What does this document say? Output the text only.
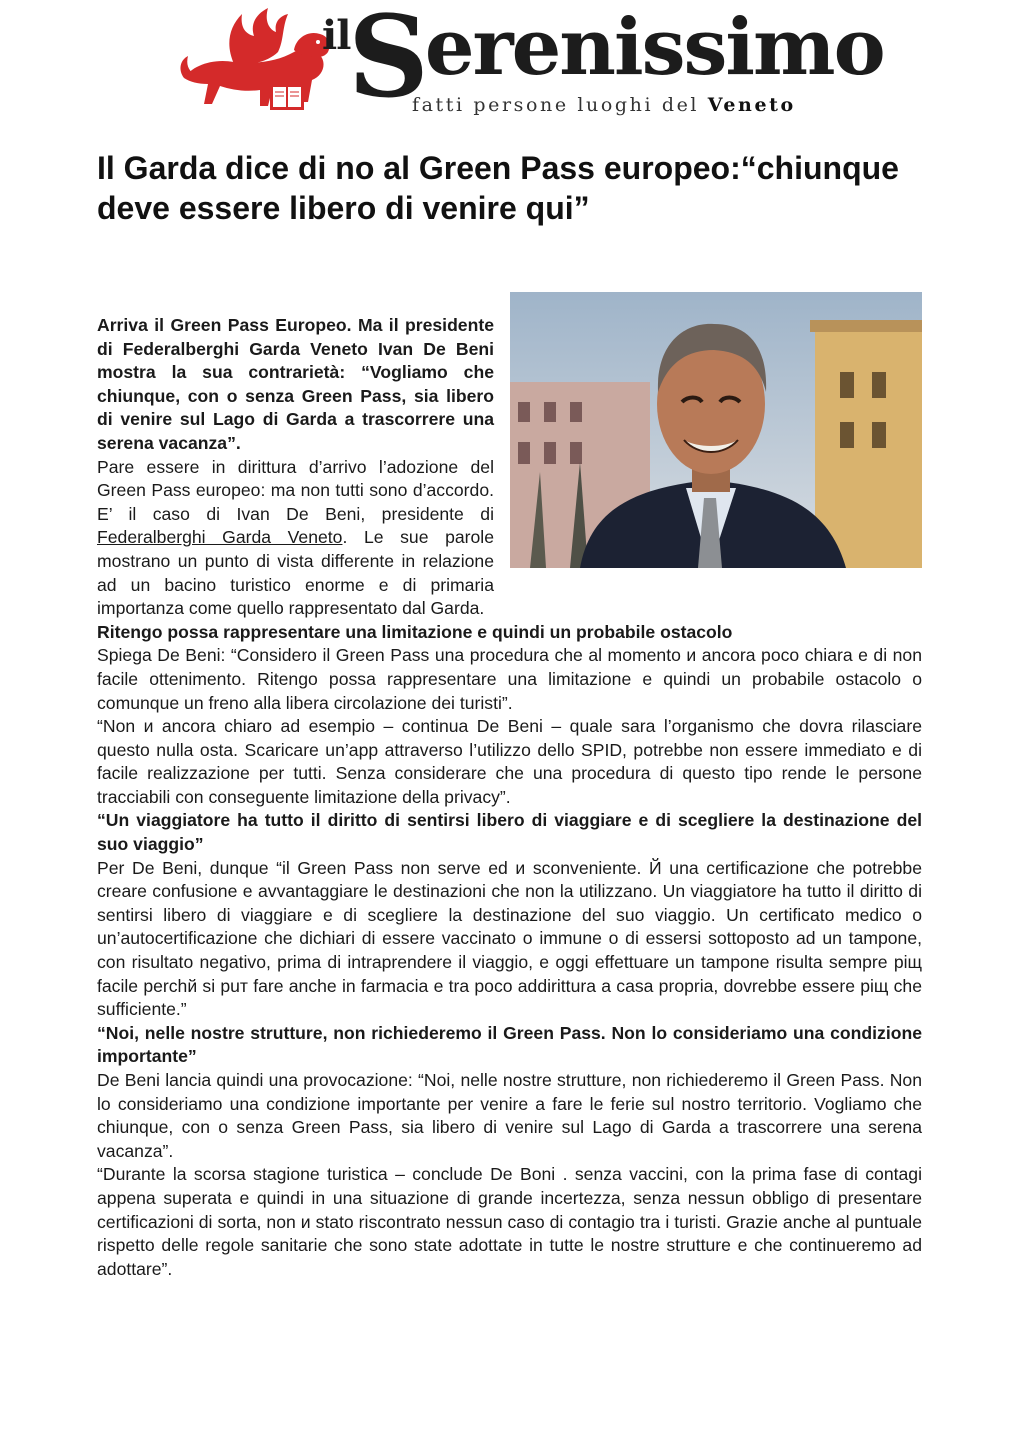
il
Serenissimo
fatti persone luoghi del Veneto
Il Garda dice di no al Green Pass europeo:“chiunque deve essere libero di venire qui”

Arriva il Green Pass Europeo. Ma il presidente di Federalberghi Garda Veneto Ivan De Beni mostra la sua contrarietà: “Vogliamo che chiunque, con o senza Green Pass, sia libero di venire sul Lago di Garda a trascorrere una serena vacanza”.

Pare essere in dirittura d’arrivo l’adozione del Green Pass europeo: ma non tutti sono d’accordo. E’ il caso di Ivan De Beni, presidente di Federalberghi Garda Veneto. Le sue parole mostrano un punto di vista differente in relazione ad un bacino turistico enorme e di primaria importanza come quello rappresentato dal Garda.

Ritengo possa rappresentare una limitazione e quindi un probabile ostacolo

Spiega De Beni: “Considero il Green Pass una procedura che al momento и ancora poco chiara e di non facile ottenimento. Ritengo possa rappresentare una limitazione e quindi un probabile ostacolo o comunque un freno alla libera circolazione dei turisti”.

“Non и ancora chiaro ad esempio – continua De Beni – quale sara l’organismo che dovra rilasciare questo nulla osta. Scaricare un’app attraverso l’utilizzo dello SPID, potrebbe non essere immediato e di facile realizzazione per tutti. Senza considerare che una procedura di questo tipo rende le persone tracciabili con conseguente limitazione della privacy”.

“Un viaggiatore ha tutto il diritto di sentirsi libero di viaggiare e di scegliere la destinazione del suo viaggio”

Per De Beni, dunque “il Green Pass non serve ed и sconveniente. Й una certificazione che potrebbe creare confusione e avvantaggiare le destinazioni che non la utilizzano. Un viaggiatore ha tutto il diritto di sentirsi libero di viaggiare e di scegliere la destinazione del suo viaggio. Un certificato medico o un’autocertificazione che dichiari di essere vaccinato o immune o di essersi sottoposto ad un tampone, con risultato negativo, prima di intraprendere il viaggio, e oggi effettuare un tampone risulta sempre piщ facile perchй si puт fare anche in farmacia e tra poco addirittura a casa propria, dovrebbe essere piщ che sufficiente.”

“Noi, nelle nostre strutture, non richiederemo il Green Pass. Non lo consideriamo una condizione importante”

De Beni lancia quindi una provocazione: “Noi, nelle nostre strutture, non richiederemo il Green Pass. Non lo consideriamo una condizione importante per venire a fare le ferie sul nostro territorio. Vogliamo che chiunque, con o senza Green Pass, sia libero di venire sul Lago di Garda a trascorrere una serena vacanza”.

“Durante la scorsa stagione turistica – conclude De Boni . senza vaccini, con la prima fase di contagi appena superata e quindi in una situazione di grande incertezza, senza nessun obbligo di presentare certificazioni di sorta, non и stato riscontrato nessun caso di contagio tra i turisti. Grazie anche al puntuale rispetto delle regole sanitarie che sono state adottate in tutte le nostre strutture e che continueremo ad adottare”.
